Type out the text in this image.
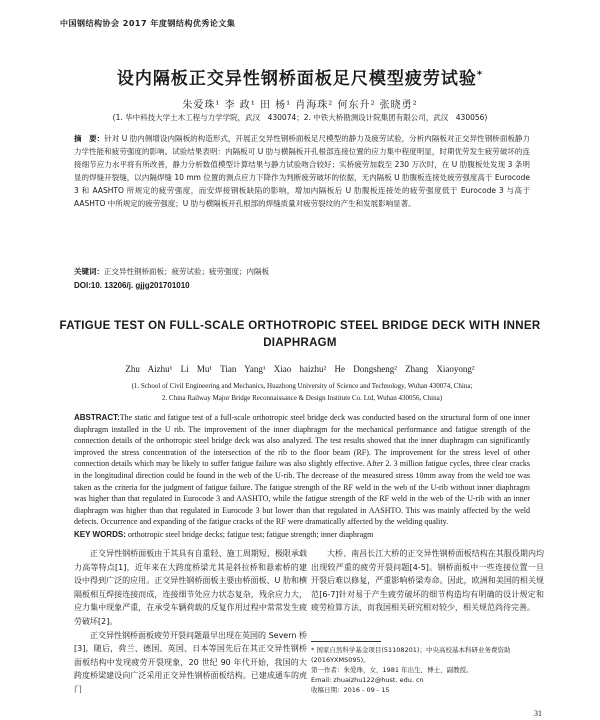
中国钢结构协会 2017 年度钢结构优秀论文集
设内隔板正交异性钢桥面板足尺模型疲劳试验*
朱爱珠¹ 李 政¹ 田 杨¹ 肖海珠² 何东升² 张晓勇²
(1. 华中科技大学土木工程与力学学院，武汉　430074；2. 中铁大桥勘测设计院集团有限公司，武汉　430056)
摘　要：针对 U 肋内侧增设内隔板的构造形式，开展正交异性钢桥面板足尺模型的静力及疲劳试验，分析内隔板对正交异性钢桥面板静力力学性能和疲劳强度的影响。试验结果表明：内隔板可 U 肋与横隔板开孔根部连接位置的应力集中程度明显，时期优劳发生疲劳破坏的连接细节应力水平将有所改善，静力分析数值模型计算结果与静力试验吻合较好；实桥疲劳加载至 230 万次时，在 U 肋腹板处发现 3 条明显的焊缝开裂缝，以内隔焊缝 10 mm 位置的测点应力下降作为判断疲劳破坏的依据，无内隔板 U 肋腹板连接处疲劳强度高于 Eurocode 3 和 AASHTO 所规定的疲劳强度，而安焊接钢板缺陷的影响，增加内隔板后 U 肋腹板连接处的疲劳强度低于 Eurocode 3 与高于 AASHTO 中所规定的疲劳强度；U 肋与横隔板开孔根部的焊缝质量对疲劳裂纹的产生和发展影响显著。
关键词：正交异性钢桥面板；疲劳试验；疲劳强度；内隔板
DOI:10. 13206/j. gjjg201701010
FATIGUE TEST ON FULL-SCALE ORTHOTROPIC STEEL BRIDGE DECK WITH INNER DIAPHRAGM
Zhu Aizhu¹ Li Mu¹ Tian Yang¹ Xiao haizhu² He Dongsheng² Zhang Xiaoyong²
(1. School of Civil Engineering and Mechanics, Huazhong University of Science and Technology, Wuhan 430074, China;
2. China Railway Major Bridge Reconnaissance & Design Institute Co. Ltd, Wuhan 430056, China)
ABSTRACT:The static and fatigue test of a full-scale orthotropic steel bridge deck was conducted based on the structural form of one inner diaphragm installed in the U rib. The improvement of the inner diaphragm for the mechanical performance and fatigue strength of the connection details of the orthotropic steel bridge deck was also analyzed. The test results showed that the inner diaphragm can significantly improved the stress concentration of the intersection of the rib to the floor beam (RF). The improvement for the stress level of other connection details which may be likely to suffer fatigue failure was also slightly effective. After 2. 3 million fatigue cycles, three clear cracks in the longitudinal direction could be found in the web of the U-rib. The decrease of the measured stress 10mm away from the weld toe was taken as the criteria for the judgment of fatigue failure. The fatigue strength of the RF weld in the web of the U-rib without inner diaphragm was higher than that regulated in Eurocode 3 and AASHTO, while the fatigue strength of the RF weld in the web of the U-rib with an inner diaphragm was higher than that regulated in Eurocode 3 but lower than that regulated in AASHTO. This was mainly affected by the weld defects. Occurrence and expanding of the fatigue cracks of the RF were dramatically affected by the welding quality.
KEY WORDS: orthotropic steel bridge decks; fatigue test; fatigue strength; inner diaphragm

正交异性钢桥面板由于其具有自重轻、施工周期短、极限承载力高等特点[1]，近年来在大跨度桥梁尤其是斜拉桥和悬索桥的建设中得到广泛的应用。正交异性钢桥面板主要由桥面板、U 肋和横隔板相互焊接连接而成，连接细节处应力状态复杂，残余应力大，应力集中现象严重，在承受车辆荷载的反复作用过程中常常发生疲劳破坏[2]。

正交异性钢桥面板疲劳开裂问题最早出现在英国的 Severn 桥[3]，随后，荷兰、德国、英国、日本等国先后在其正交异性钢桥面板结构中发现疲劳开裂现象，20 世纪 90 年代开始，我国的大跨度桥梁建设向广泛采用正交异性钢桥面板结构。已建成通车的虎门

大桥、南昌长江大桥的正交异性钢桥面板结构在其服役期内均出现较严重的疲劳开裂问题[4-5]。钢桥面板中一些连接位置一旦开裂后难以修复，严重影响桥梁寿命。因此，欧洲和美国的相关规范[6-7]针对易于产生疲劳破坏的细节构造均有明确的设计规定和疲劳检算方法，而我国相关研究相对较少，相关规范尚待完善。

* 国家自然科学基金项目(51108201)；中央高校基本科研业务费资助(2016YXMS095)。
第一作者：朱爱珠，女，1981 年出生，博士，副教授。
Email: zhuaizhu122@hust. edu. cn
收稿日期：2016 - 09 - 15
31
